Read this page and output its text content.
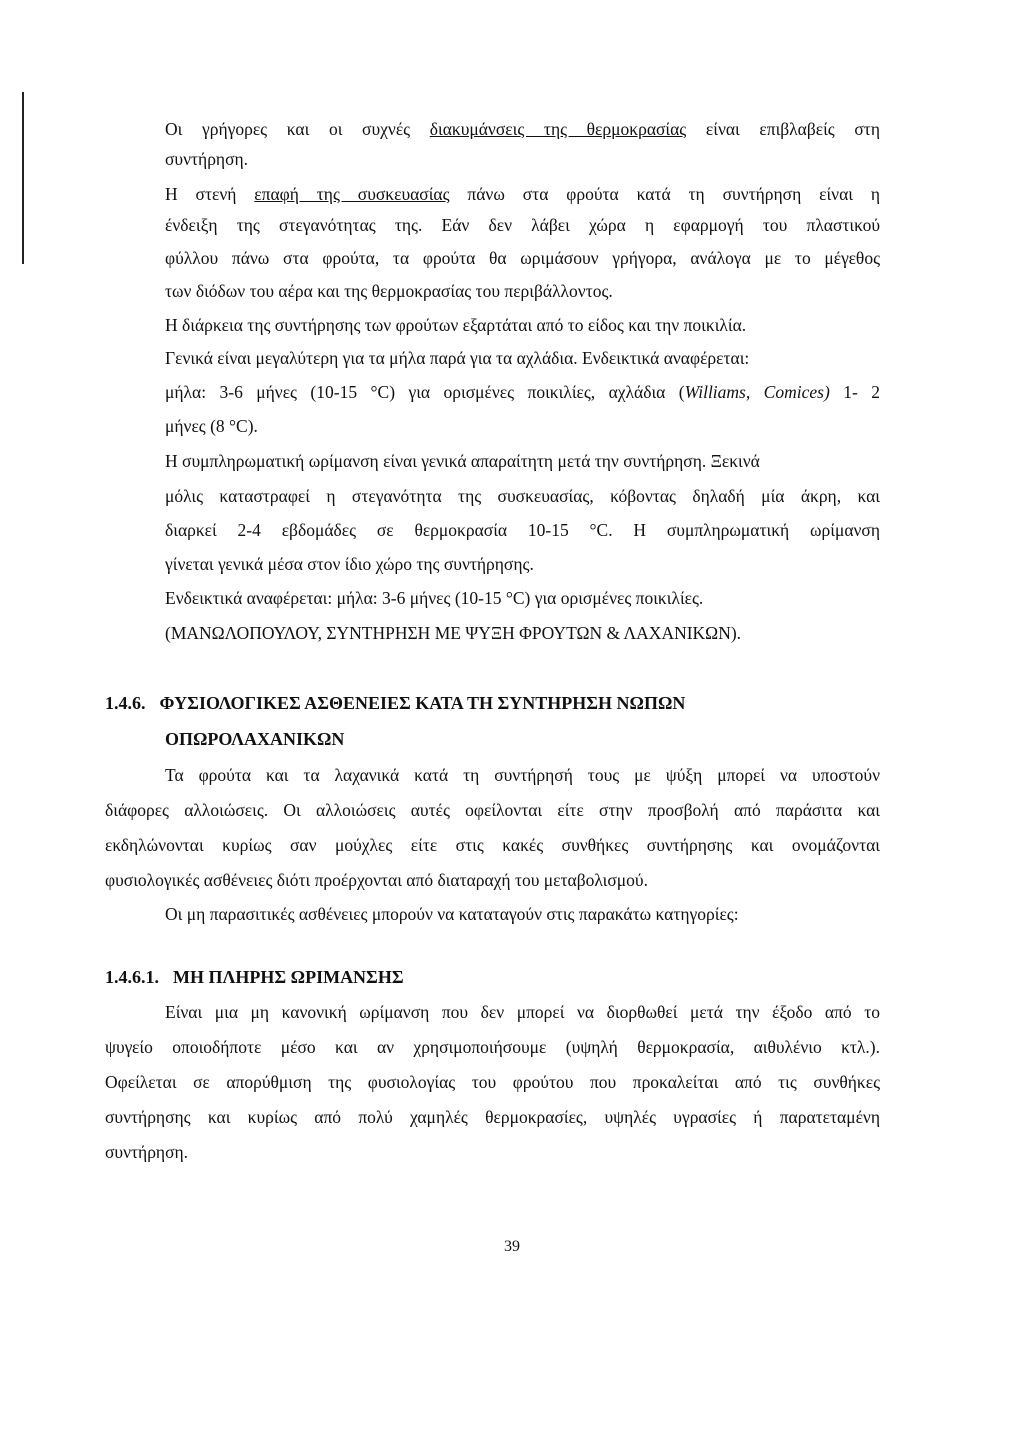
Οι γρήγορες και οι συχνές διακυμάνσεις της θερμοκρασίας είναι επιβλαβείς στη
συντήρηση.
Η στενή επαφή της συσκευασίας πάνω στα φρούτα κατά τη συντήρηση είναι η
ένδειξη της στεγανότητας της. Εάν δεν λάβει χώρα η εφαρμογή του πλαστικού
φύλλου πάνω στα φρούτα, τα φρούτα θα ωριμάσουν γρήγορα, ανάλογα με το μέγεθος
των διόδων του αέρα και της θερμοκρασίας του περιβάλλοντος.
Η διάρκεια της συντήρησης των φρούτων εξαρτάται από το είδος και την ποικιλία.
Γενικά είναι μεγαλύτερη για τα μήλα παρά για τα αχλάδια. Ενδεικτικά αναφέρεται:
μήλα: 3-6 μήνες (10-15 °C) για ορισμένες ποικιλίες, αχλάδια (Williams, Comices) 1- 2
μήνες (8 °C).
Η συμπληρωματική ωρίμανση είναι γενικά απαραίτητη μετά την συντήρηση. Ξεκινά
μόλις καταστραφεί η στεγανότητα της συσκευασίας, κόβοντας δηλαδή μία άκρη, και
διαρκεί 2-4 εβδομάδες σε θερμοκρασία 10-15 °C. Η συμπληρωματική ωρίμανση
γίνεται γενικά μέσα στον ίδιο χώρο της συντήρησης.
Ενδεικτικά αναφέρεται: μήλα: 3-6 μήνες (10-15 °C) για ορισμένες ποικιλίες.
(ΜΑΝΩΛΟΠΟΥΛΟΥ, ΣΥΝΤΗΡΗΣΗ ΜΕ ΨΥΞΗ ΦΡΟΥΤΩΝ & ΛΑΧΑΝΙΚΩΝ).
1.4.6. ΦΥΣΙΟΛΟΓΙΚΕΣ ΑΣΘΕΝΕΙΕΣ ΚΑΤΑ ΤΗ ΣΥΝΤΗΡΗΣΗ ΝΩΠΩΝ
ΟΠΩΡΟΛΑΧΑΝΙΚΩΝ
Τα φρούτα και τα λαχανικά κατά τη συντήρησή τους με ψύξη μπορεί να υποστούν
διάφορες αλλοιώσεις. Οι αλλοιώσεις αυτές οφείλονται είτε στην προσβολή από παράσιτα και
εκδηλώνονται κυρίως σαν μούχλες είτε στις κακές συνθήκες συντήρησης και ονομάζονται
φυσιολογικές ασθένειες διότι προέρχονται από διαταραχή του μεταβολισμού.
Οι μη παρασιτικές ασθένειες μπορούν να καταταγούν στις παρακάτω κατηγορίες:
1.4.6.1. ΜΗ ΠΛΗΡΗΣ ΩΡΙΜΑΝΣΗΣ
Είναι μια μη κανονική ωρίμανση που δεν μπορεί να διορθωθεί μετά την έξοδο από το
ψυγείο οποιοδήποτε μέσο και αν χρησιμοποιήσουμε (υψηλή θερμοκρασία, αιθυλένιο κτλ.).
Οφείλεται σε απορύθμιση της φυσιολογίας του φρούτου που προκαλείται από τις συνθήκες
συντήρησης και κυρίως από πολύ χαμηλές θερμοκρασίες, υψηλές υγρασίες ή παρατεταμένη
συντήρηση.
39
